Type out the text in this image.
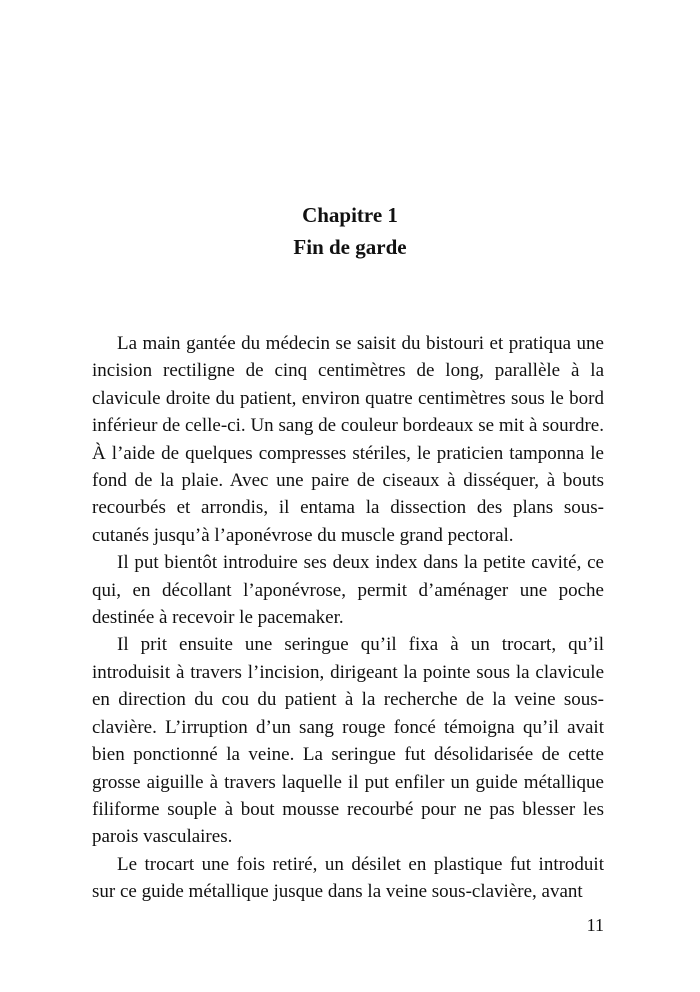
Chapitre 1
Fin de garde

La main gantée du médecin se saisit du bistouri et pratiqua une incision rectiligne de cinq centimètres de long, parallèle à la clavicule droite du patient, environ quatre centimètres sous le bord inférieur de celle-ci. Un sang de couleur bordeaux se mit à sourdre. À l’aide de quelques compresses stériles, le praticien tamponna le fond de la plaie. Avec une paire de ciseaux à disséquer, à bouts recourbés et arrondis, il entama la dissection des plans sous-cutanés jusqu’à l’aponévrose du muscle grand pectoral.

Il put bientôt introduire ses deux index dans la petite cavité, ce qui, en décollant l’aponévrose, permit d’aménager une poche destinée à recevoir le pacemaker.

Il prit ensuite une seringue qu’il fixa à un trocart, qu’il introduisit à travers l’incision, dirigeant la pointe sous la clavicule en direction du cou du patient à la recherche de la veine sous-clavière. L’irruption d’un sang rouge foncé témoigna qu’il avait bien ponctionné la veine. La seringue fut désolidarisée de cette grosse aiguille à travers laquelle il put enfiler un guide métallique filiforme souple à bout mousse recourbé pour ne pas blesser les parois vasculaires.

Le trocart une fois retiré, un désilet en plastique fut introduit sur ce guide métallique jusque dans la veine sous-clavière, avant

11
